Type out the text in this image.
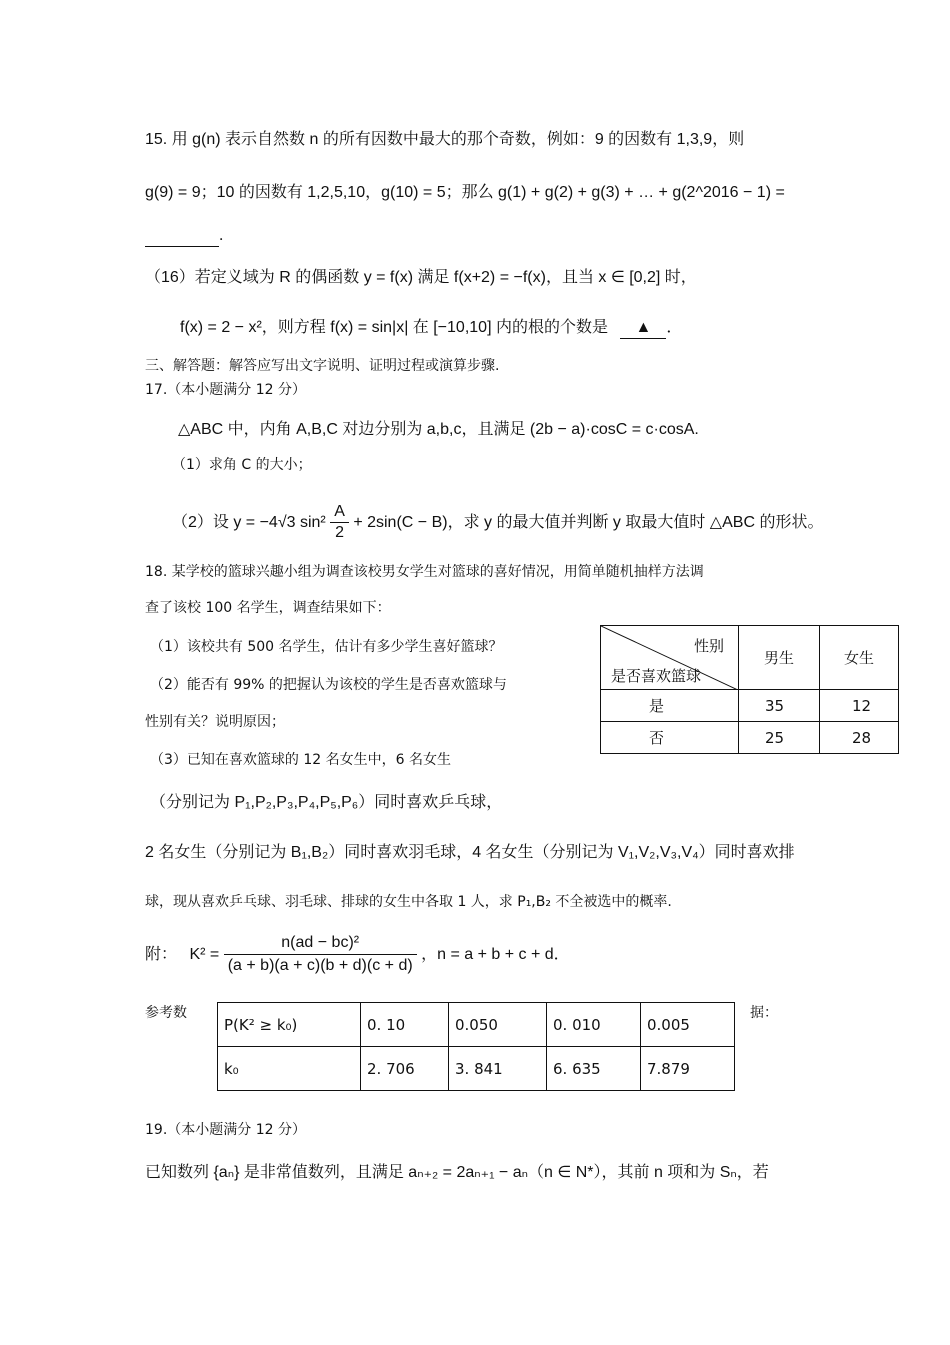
15. 用 g(n) 表示自然数 n 的所有因数中最大的那个奇数，例如：9 的因数有 1,3,9，则
g(9) = 9；10 的因数有 1,2,5,10，g(10) = 5；那么 g(1) + g(2) + g(3) + … + g(2^2016 − 1) =
．
（16）若定义域为 R 的偶函数 y = f(x) 满足 f(x+2) = −f(x)，且当 x ∈ [0,2] 时，
f(x) = 2 − x²，则方程 f(x) = sin|x| 在 [−10,10] 内的根的个数是 ▲ ．
三、解答题：解答应写出文字说明、证明过程或演算步骤.
17.（本小题满分 12 分）
△ABC 中，内角 A,B,C 对边分别为 a,b,c，且满足 (2b − a)·cosC = c·cosA.
（1）求角 C 的大小；
（2）设 y = −4√3 $\sin^2 \frac{A}{2} + 2\sin(C - B)$，求 y 的最大值并判断 y 取最大值时 △ABC 的形状。
18. 某学校的篮球兴趣小组为调查该校男女学生对篮球的喜好情况，用简单随机抽样方法调
查了该校 100 名学生，调查结果如下：
（1）该校共有 500 名学生，估计有多少学生喜好篮球？
（2）能否有 99% 的把握认为该校的学生是否喜欢篮球与
性别有关？说明原因；
（3）已知在喜欢篮球的 12 名女生中，6 名女生
（分别记为 P₁,P₂,P₃,P₄,P₅,P₆）同时喜欢乒乓球，
2 名女生（分别记为 B₁,B₂）同时喜欢羽毛球，4 名女生（分别记为 V₁,V₂,V₃,V₄）同时喜欢排
球，现从喜欢乒乓球、羽毛球、排球的女生中各取 1 人，求 P₁,B₂ 不全被选中的概率.
性别
是否喜欢篮球	男生	女生
是	35	12
否	25	28
附： $K^2 = \frac{\text{n(ad − bc)²}}{(a + b)(a + c)(b + d)(c + d)}$ ，n = a + b + c + d．
参考数	据：
P(K² ≥ k₀)	0. 10	0.050	0. 010	0.005
k₀	2. 706	3. 841	6. 635	7.879
19.（本小题满分 12 分）
已知数列 {aₙ} 是非常值数列，且满足 aₙ₊₂ = 2aₙ₊₁ − aₙ（n ∈ N*），其前 n 项和为 Sₙ，若
